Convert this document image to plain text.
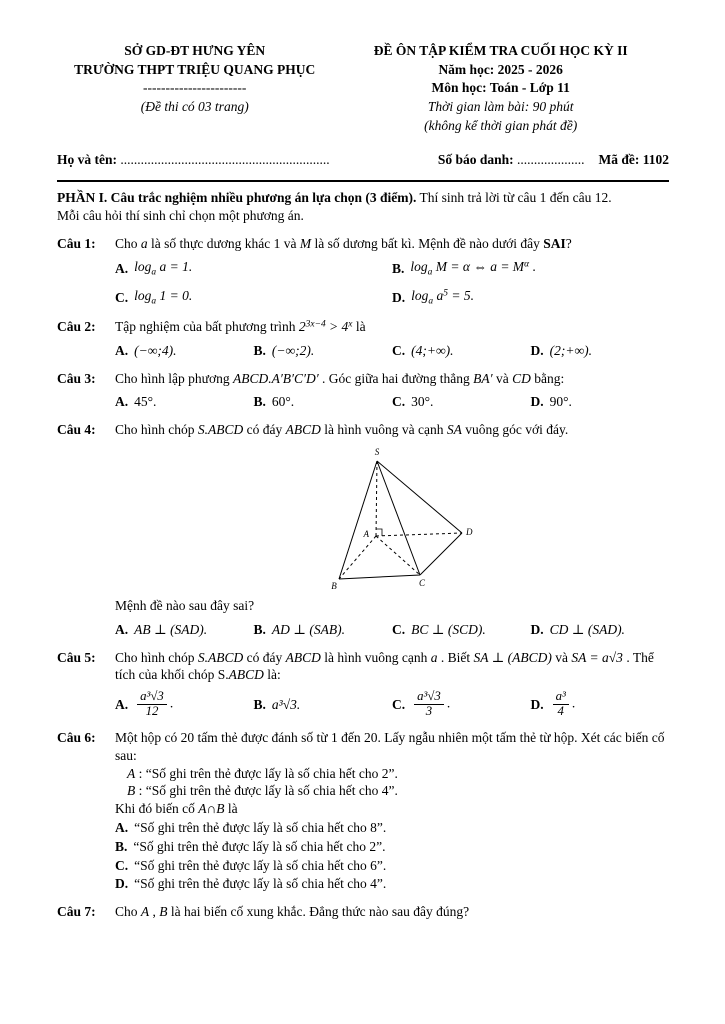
SỞ GD-ĐT HƯNG YÊN
TRƯỜNG THPT TRIỆU QUANG PHỤC
-----------------------
(Đề thi có 03 trang)
ĐỀ ÔN TẬP KIỂM TRA CUỐI HỌC KỲ II
Năm học: 2025 - 2026
Môn học: Toán - Lớp 11
Thời gian làm bài: 90 phút
(không kể thời gian phát đề)
Họ và tên: ..............................................................	Số báo danh: .................... Mã đề: 1102
PHẦN I. Câu trắc nghiệm nhiều phương án lựa chọn (3 điểm). Thí sinh trả lời từ câu 1 đến câu 12.
Mỗi câu hỏi thí sinh chỉ chọn một phương án.
Câu 1:	Cho a là số thực dương khác 1 và M là số dương bất kì. Mệnh đề nào dưới đây SAI?
A. $\log_a a = 1$.	B. $\log_a M = \alpha$ ⇔ $a = M^\alpha$ .
C. $\log_a 1 = 0$.	D. $\log_a a^5 = 5$.
Câu 2:	Tập nghiệm của bất phương trình $2^{3x-4} > 4^x$ là
A. (−∞;4).	B. (−∞;2).	C. (4;+∞).	D. (2;+∞).
Câu 3:	Cho hình lập phương ABCD.A′B′C′D′ . Góc giữa hai đường thẳng BA′ và CD bằng:
A. 45°.	B. 60°.	C. 30°.	D. 90°.
Câu 4:	Cho hình chóp S.ABCD có đáy ABCD là hình vuông và cạnh SA vuông góc với đáy.
S
A
B	C
D
Mệnh đề nào sau đây sai?
A. AB ⊥ (SAD).	B. AD ⊥ (SAB).	C. BC ⊥ (SCD).	D. CD ⊥ (SAD).
Câu 5:	Cho hình chóp S.ABCD có đáy ABCD là hình vuông cạnh a . Biết SA ⊥ (ABCD) và SA = a√3 . Thể tích của khối chóp S.ABCD là:
A. $\frac{\text{a³√3}}{12}$ .	B. a³√3.	C. $\frac{\text{a³√3}}{3}$ .	D. $\frac{\text{a³}}{4}$ .
Câu 6:	Một hộp có 20 tấm thẻ được đánh số từ 1 đến 20. Lấy ngẫu nhiên một tấm thẻ từ hộp. Xét các biến cố sau:
A : “Số ghi trên thẻ được lấy là số chia hết cho 2”.
B : “Số ghi trên thẻ được lấy là số chia hết cho 4”.
Khi đó biến cố A∩B là
A. “Số ghi trên thẻ được lấy là số chia hết cho 8”.
B. “Số ghi trên thẻ được lấy là số chia hết cho 2”.
C. “Số ghi trên thẻ được lấy là số chia hết cho 6”.
D. “Số ghi trên thẻ được lấy là số chia hết cho 4”.
Câu 7:	Cho A , B là hai biến cố xung khắc. Đẳng thức nào sau đây đúng?
